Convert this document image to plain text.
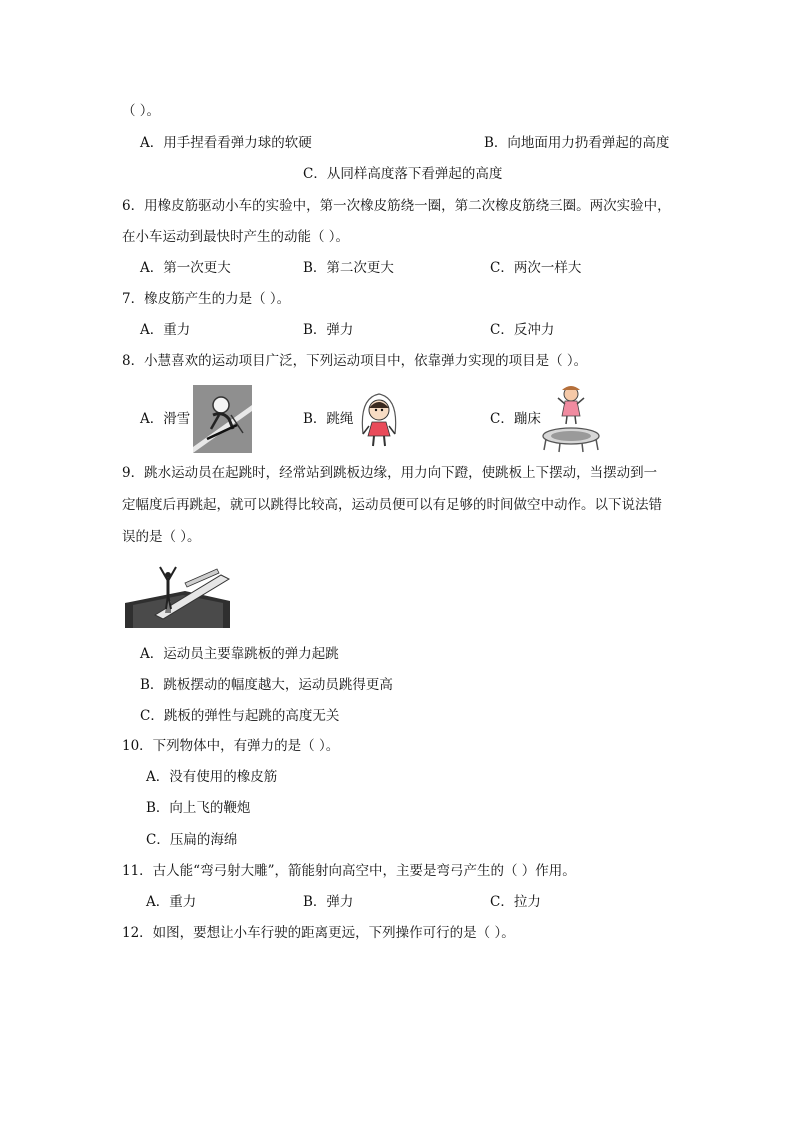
（ ）。
A．用手捏看看弹力球的软硬	B．向地面用力扔看弹起的高度
C．从同样高度落下看弹起的高度
6．用橡皮筋驱动小车的实验中，第一次橡皮筋绕一圈，第二次橡皮筋绕三圈。两次实验中，
在小车运动到最快时产生的动能（ ）。
A．第一次更大	B．第二次更大	C．两次一样大
7．橡皮筋产生的力是（ ）。
A．重力	B．弹力	C．反冲力
8．小慧喜欢的运动项目广泛，下列运动项目中，依靠弹力实现的项目是（ ）。
A．滑雪	B．跳绳	C．蹦床
9．跳水运动员在起跳时，经常站到跳板边缘，用力向下蹬，使跳板上下摆动，当摆动到一
定幅度后再跳起，就可以跳得比较高，运动员便可以有足够的时间做空中动作。以下说法错
误的是（ ）。
A．运动员主要靠跳板的弹力起跳
B．跳板摆动的幅度越大，运动员跳得更高
C．跳板的弹性与起跳的高度无关
10．下列物体中，有弹力的是（ ）。
A．没有使用的橡皮筋
B．向上飞的鞭炮
C．压扁的海绵
11．古人能“弯弓射大雕”，箭能射向高空中，主要是弯弓产生的（ ）作用。
A．重力	B．弹力	C．拉力
12．如图，要想让小车行驶的距离更远，下列操作可行的是（ ）。
